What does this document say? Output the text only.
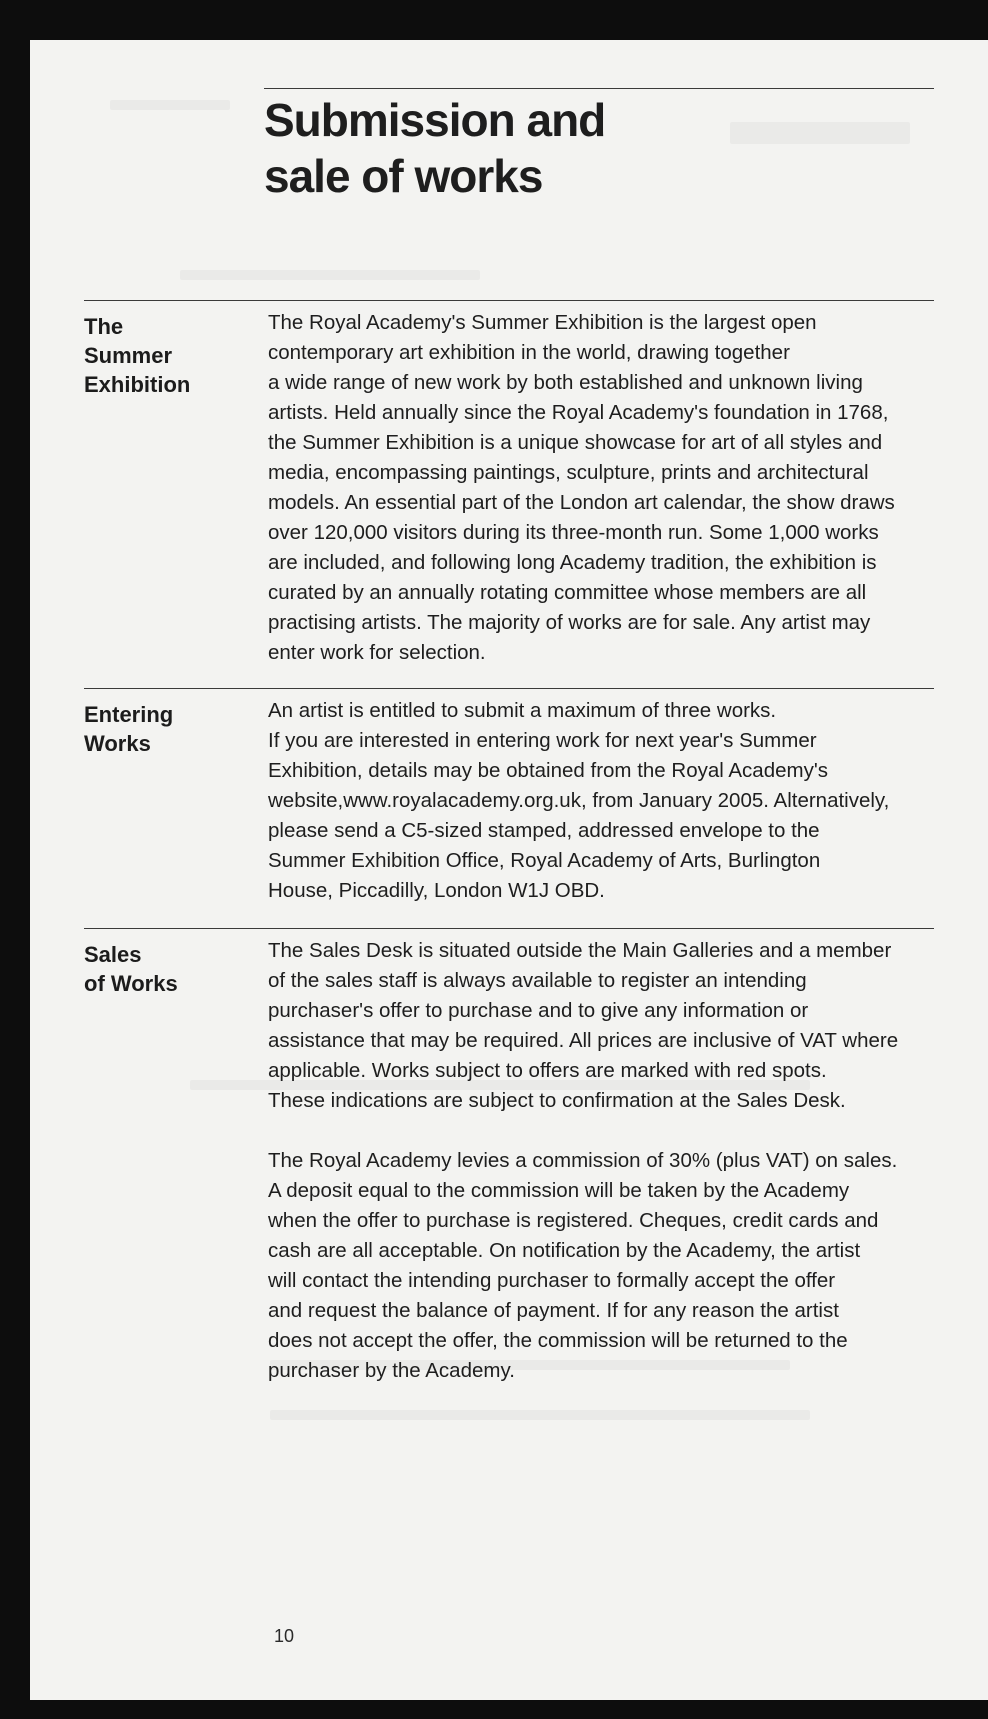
Submission and
sale of works
The
Summer
Exhibition

The Royal Academy's Summer Exhibition is the largest open
contemporary art exhibition in the world, drawing together
a wide range of new work by both established and unknown living
artists. Held annually since the Royal Academy's foundation in 1768,
the Summer Exhibition is a unique showcase for art of all styles and
media, encompassing paintings, sculpture, prints and architectural
models. An essential part of the London art calendar, the show draws
over 120,000 visitors during its three-month run. Some 1,000 works
are included, and following long Academy tradition, the exhibition is
curated by an annually rotating committee whose members are all
practising artists. The majority of works are for sale. Any artist may
enter work for selection.

Entering
Works

An artist is entitled to submit a maximum of three works.
If you are interested in entering work for next year's Summer
Exhibition, details may be obtained from the Royal Academy's
website,www.royalacademy.org.uk, from January 2005. Alternatively,
please send a C5-sized stamped, addressed envelope to the
Summer Exhibition Office, Royal Academy of Arts, Burlington
House, Piccadilly, London W1J OBD.

Sales
of Works

The Sales Desk is situated outside the Main Galleries and a member
of the sales staff is always available to register an intending
purchaser's offer to purchase and to give any information or
assistance that may be required. All prices are inclusive of VAT where
applicable. Works subject to offers are marked with red spots.
These indications are subject to confirmation at the Sales Desk.

The Royal Academy levies a commission of 30% (plus VAT) on sales.
A deposit equal to the commission will be taken by the Academy
when the offer to purchase is registered. Cheques, credit cards and
cash are all acceptable. On notification by the Academy, the artist
will contact the intending purchaser to formally accept the offer
and request the balance of payment. If for any reason the artist
does not accept the offer, the commission will be returned to the
purchaser by the Academy.

10
